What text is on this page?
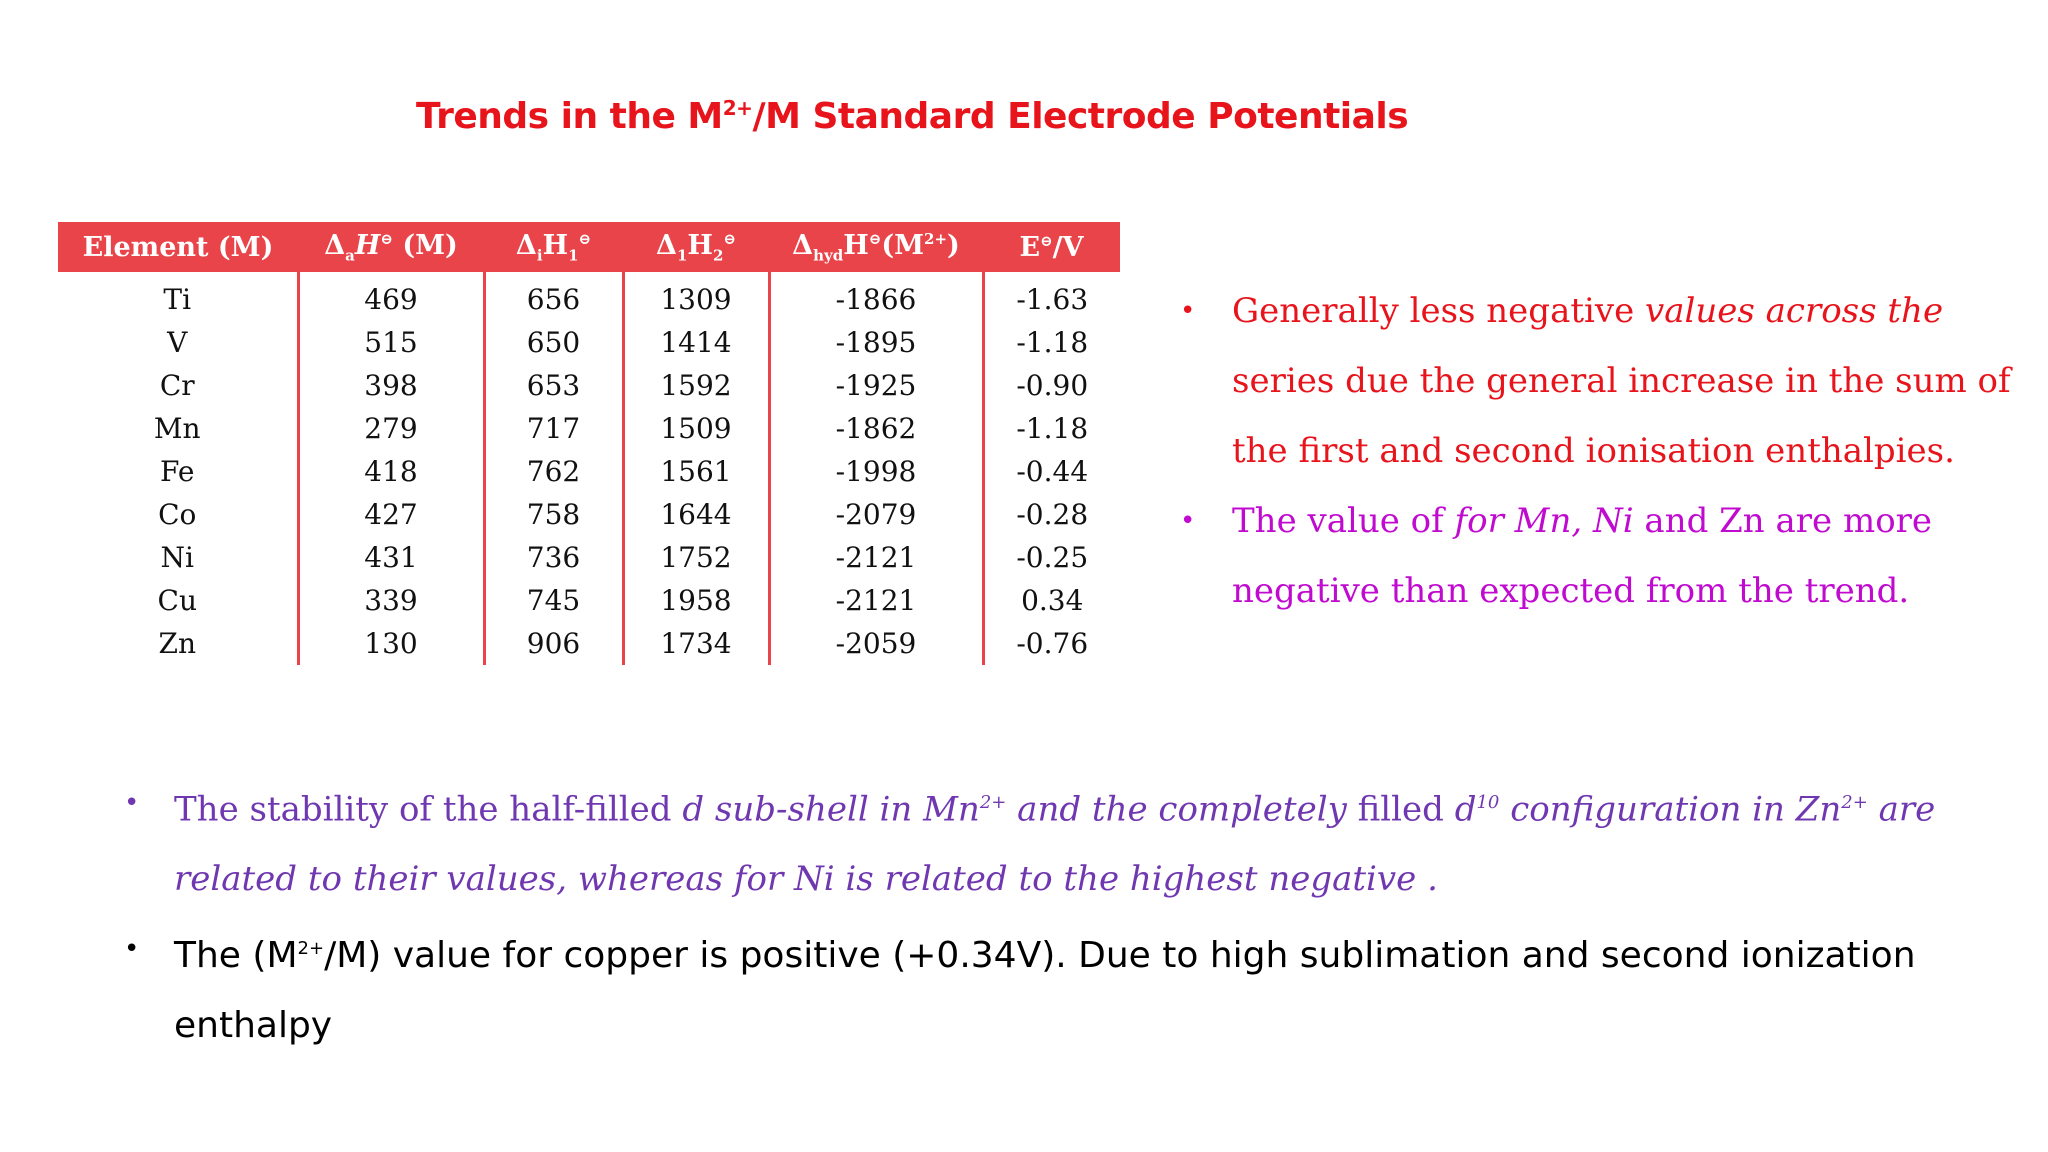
Trends in the $M^{2+}/M$ Standard Electrode Potentials
Element (M)	$\Delta_aH^⊖$ (M)	$\Delta_iH_1^⊖$	$\Delta_1H_2^⊖$	$\Delta_{hyd}H^⊖(M^{2+})$	E⊖/V
Ti	469	656	1309	-1866	-1.63
V	515	650	1414	-1895	-1.18
Cr	398	653	1592	-1925	-0.90
Mn	279	717	1509	-1862	-1.18
Fe	418	762	1561	-1998	-0.44
Co	427	758	1644	-2079	-0.28
Ni	431	736	1752	-2121	-0.25
Cu	339	745	1958	-2121	0.34
Zn	130	906	1734	-2059	-0.76
• Generally less negative values across the series due the general increase in the sum of the first and second ionisation enthalpies.
• The value of for Mn, Ni and Zn are more negative than expected from the trend.
• The stability of the half-filled d sub-shell in $Mn^{2+}$ and the completely filled $d^{10}$ configuration in $Zn^{2+}$ are related to their values, whereas for Ni is related to the highest negative .
• The $(M^{2+}/M)$ value for copper is positive (+0.34V). Due to high sublimation and second ionization enthalpy
